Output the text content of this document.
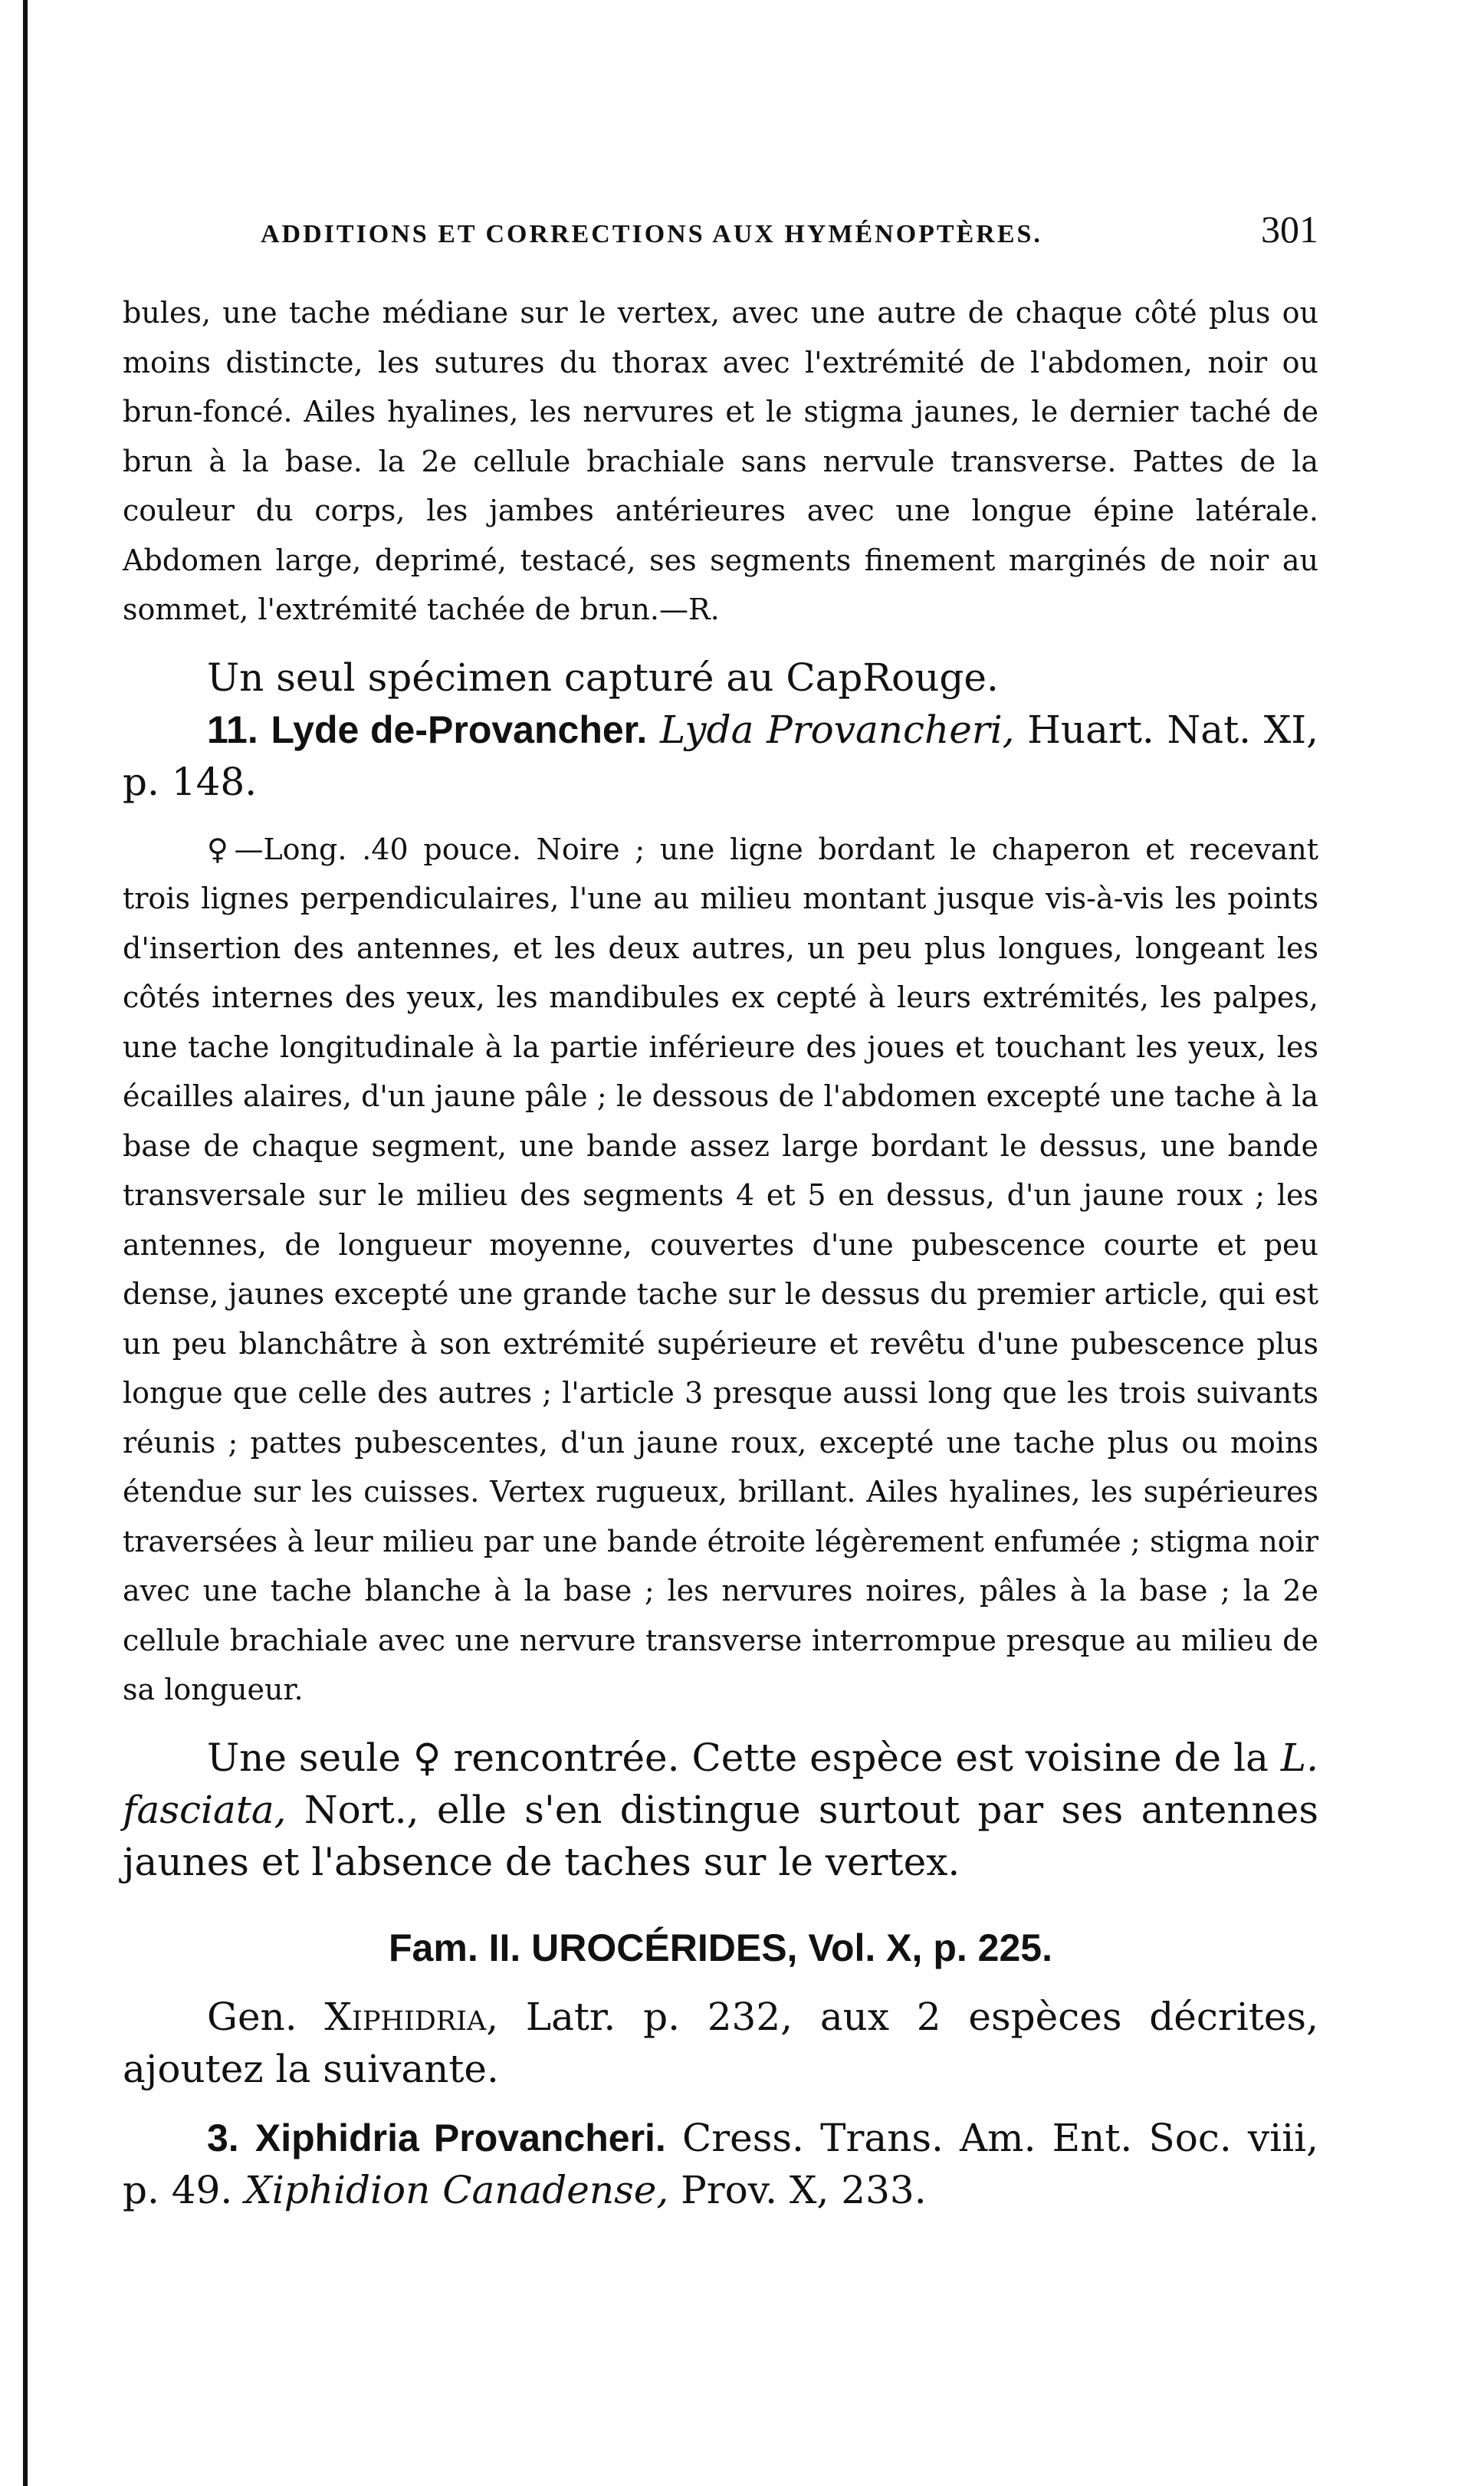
ADDITIONS ET CORRECTIONS AUX HYMÉNOPTÈRES.	301

bules, une tache médiane sur le vertex, avec une autre de chaque côté plus ou moins distincte, les sutures du thorax avec l'extrémité de l'abdomen, noir ou brun-foncé. Ailes hyalines, les nervures et le stigma jaunes, le dernier taché de brun à la base. la 2e cellule brachiale sans nervule transverse. Pattes de la couleur du corps, les jambes antérieures avec une longue épine latérale. Abdomen large, deprimé, testacé, ses segments finement marginés de noir au sommet, l'extrémité tachée de brun.—R.

Un seul spécimen capturé au CapRouge.

11. Lyde de-Provancher. Lyda Provancheri, Huart. Nat. XI, p. 148.

♀—Long. .40 pouce. Noire ; une ligne bordant le chaperon et recevant trois lignes perpendiculaires, l'une au milieu montant jusque vis-à-vis les points d'insertion des antennes, et les deux autres, un peu plus longues, longeant les côtés internes des yeux, les mandibules ex cepté à leurs extrémités, les palpes, une tache longitudinale à la partie inférieure des joues et touchant les yeux, les écailles alaires, d'un jaune pâle ; le dessous de l'abdomen excepté une tache à la base de chaque segment, une bande assez large bordant le dessus, une bande transversale sur le milieu des segments 4 et 5 en dessus, d'un jaune roux ; les antennes, de longueur moyenne, couvertes d'une pubescence courte et peu dense, jaunes excepté une grande tache sur le dessus du premier article, qui est un peu blanchâtre à son extrémité supérieure et revêtu d'une pubescence plus longue que celle des autres ; l'article 3 presque aussi long que les trois suivants réunis ; pattes pubescentes, d'un jaune roux, excepté une tache plus ou moins étendue sur les cuisses. Vertex rugueux, brillant. Ailes hyalines, les supérieures traversées à leur milieu par une bande étroite légèrement enfumée ; stigma noir avec une tache blanche à la base ; les nervures noires, pâles à la base ; la 2e cellule brachiale avec une nervure transverse interrompue presque au milieu de sa longueur.

Une seule ♀ rencontrée. Cette espèce est voisine de la L. fasciata, Nort., elle s'en distingue surtout par ses antennes jaunes et l'absence de taches sur le vertex.

Fam. II. UROCÉRIDES, Vol. X, p. 225.

Gen. Xiphidria, Latr. p. 232, aux 2 espèces décrites, ajoutez la suivante.

3. Xiphidria Provancheri. Cress. Trans. Am. Ent. Soc. viii, p. 49. Xiphidion Canadense, Prov. X, 233.
